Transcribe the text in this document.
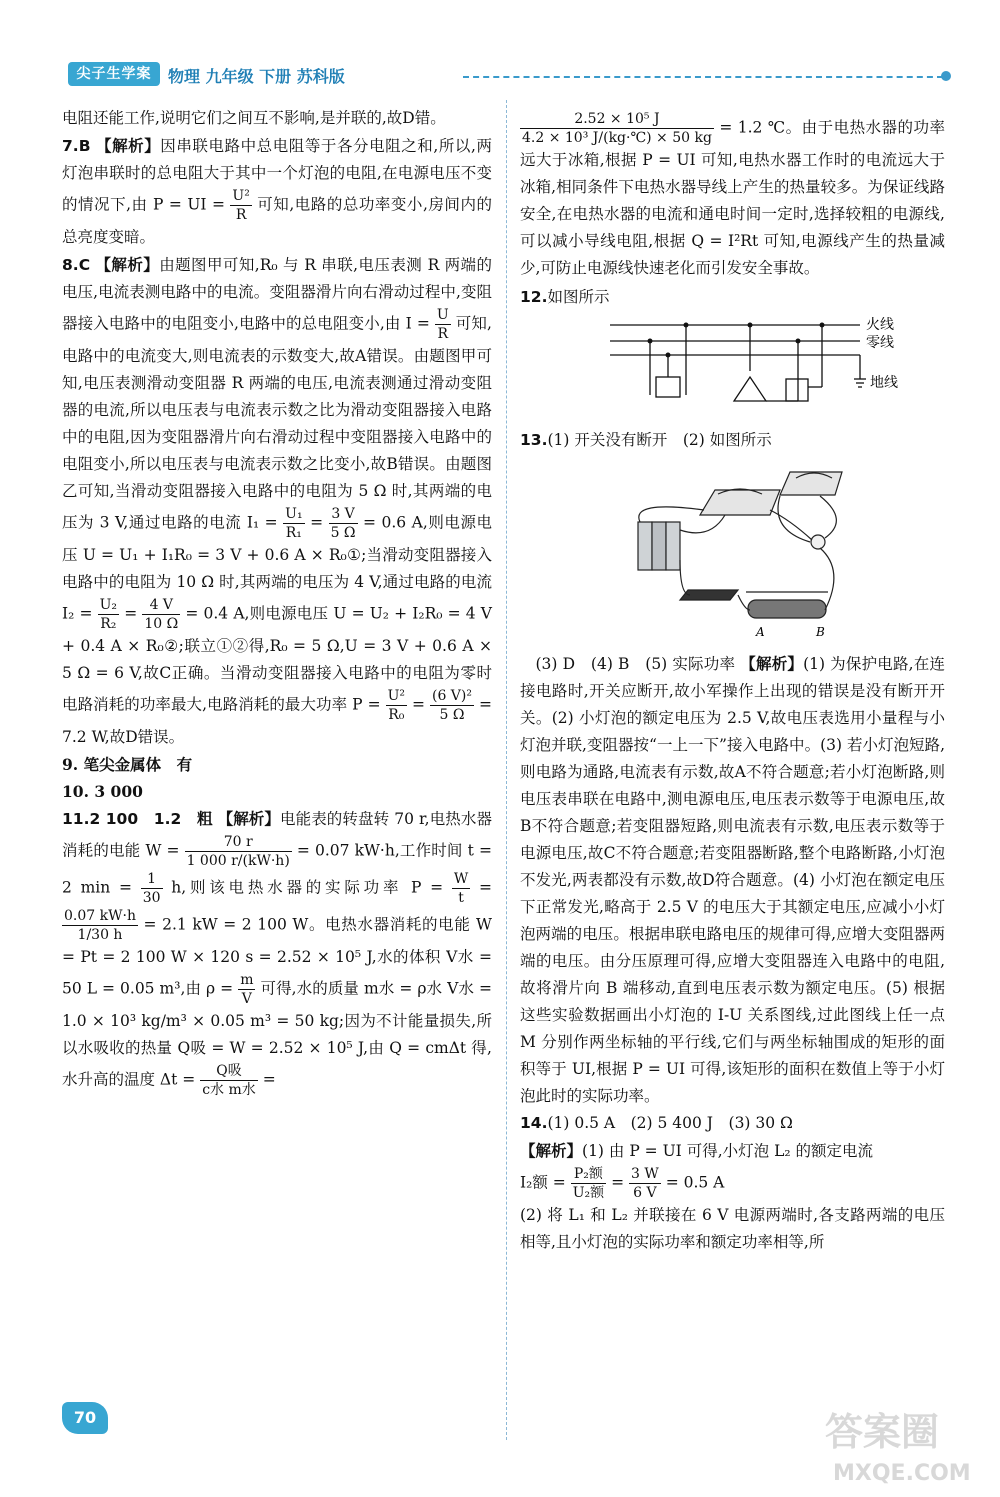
尖子生学案	物理 九年级 下册 苏科版

电阻还能工作,说明它们之间互不影响,是并联的,故D错。

7.B 【解析】因串联电路中总电阻等于各分电阻之和,所以,两灯泡串联时的总电阻大于其中一个灯泡的电阻,在电源电压不变的情况下,由 P = UI = $\frac{\text{U²}}{R}$ 可知,电路的总功率变小,房间内的总亮度变暗。

8.C 【解析】由题图甲可知,R₀ 与 R 串联,电压表测 R 两端的电压,电流表测电路中的电流。变阻器滑片向右滑动过程中,变阻器接入电路中的电阻变小,电路中的总电阻变小,由 $I = \frac{U}{R}$ 可知,电路中的电流变大,则电流表的示数变大,故A错误。由题图甲可知,电压表测滑动变阻器 R 两端的电压,电流表测通过滑动变阻器的电流,所以电压表与电流表示数之比为滑动变阻器接入电路中的电阻,因为变阻器滑片向右滑动过程中变阻器接入电路中的电阻变小,所以电压表与电流表示数之比变小,故B错误。由题图乙可知,当滑动变阻器接入电路中的电阻为 5 Ω 时,其两端的电压为 3 V,通过电路的电流 $I_1 = \frac{\text{U₁}}{\text{R₁}} = \frac{3 V}{5 \Omega} = 0.6$ A,则电源电压 U = U₁ + I₁R₀ = 3 V + 0.6 A × R₀①;当滑动变阻器接入电路中的电阻为 10 Ω 时,其两端的电压为 4 V,通过电路的电流 $I_2 = \frac{\text{U₂}}{\text{R₂}} = \frac{4 V}{10 \Omega} = 0.4$ A,则电源电压 U = U₂ + I₂R₀ = 4 V + 0.4 A × R₀②;联立①②得,R₀ = 5 Ω,U = 3 V + 0.6 A × 5 Ω = 6 V,故C正确。当滑动变阻器接入电路中的电阻为零时电路消耗的功率最大,电路消耗的最大功率 $P = \frac{\text{U²}}{\text{R₀}} = \frac{\text{(6 V)²}}{5 \Omega} = 7.2$ W,故D错误。

9. 笔尖金属体　有

10. 3 000

11.2 100　1.2　粗 【解析】电能表的转盘转 70 r,电热水器消耗的电能 $W = \frac{70 r}{1 000 r/(kW\cdot h)} = 0.07$ kW·h,工作时间 t = 2 $\min = \frac{1}{30} h$,则该电热水器的实际功率 $P = \frac{W}{t}$ =
$\frac{0.07 kW\cdot h}{1/30 h} = 2.1$ kW = 2 100 W。电热水器消耗的电能 W = Pt = 2 100 W × 120 s = 2.52 × 10⁵ J,水的体积 V水 = 50 L = 0.05 m³,由 $\rho = \frac{m}{V}$ 可得,水的质量 m水 = ρ水 V水 = 1.0 × 10³ kg/m³ × 0.05 m³ = 50 kg;因为不计能量损失,所以水吸收的热量 Q吸 = W = 2.52 × 10⁵ J,由 Q = cmΔt 得,水升高的温度 Δt =	Q吸
c水 m水
=

$\frac{\text{2.52 × 10⁵ J}}{\text{4.2 × 10³ J/(kg·℃) × 50 kg}} = 1.2$ ℃。由于电热水器的功率远大于冰箱,根据 P = UI 可知,电热水器工作时的电流远大于冰箱,相同条件下电热水器导线上产生的热量较多。为保证线路安全,在电热水器的电流和通电时间一定时,选择较粗的电源线,可以减小导线电阻,根据 Q = I²Rt 可知,电源线产生的热量减少,可防止电源线快速老化而引发安全事故。

12.如图所示

火线
零线
地线

13.(1) 开关没有断开　(2) 如图所示

A	B

(3) D　(4) B　(5) 实际功率 【解析】(1) 为保护电路,在连接电路时,开关应断开,故小军操作上出现的错误是没有断开开关。(2) 小灯泡的额定电压为 2.5 V,故电压表选用小量程与小灯泡并联,变阻器按“一上一下”接入电路中。(3) 若小灯泡短路,则电路为通路,电流表有示数,故A不符合题意;若小灯泡断路,则电压表串联在电路中,测电源电压,电压表示数等于电源电压,故B不符合题意;若变阻器短路,则电流表有示数,电压表示数等于电源电压,故C不符合题意;若变阻器断路,整个电路断路,小灯泡不发光,两表都没有示数,故D符合题意。(4) 小灯泡在额定电压下正常发光,略高于 2.5 V 的电压大于其额定电压,应减小小灯泡两端的电压。根据串联电路电压的规律可得,应增大变阻器两端的电压。由分压原理可得,应增大变阻器连入电路中的电阻,故将滑片向 B 端移动,直到电压表示数为额定电压。(5) 根据这些实验数据画出小灯泡的 I-U 关系图线,过此图线上任一点 M 分别作两坐标轴的平行线,它们与两坐标轴围成的矩形的面积等于 UI,根据 P = UI 可得,该矩形的面积在数值上等于小灯泡此时的实际功率。

14.(1) 0.5 A　(2) 5 400 J　(3) 30 Ω

【解析】(1) 由 P = UI 可得,小灯泡 L₂ 的额定电流

I₂额 = P₂额
U₂额
= $\frac{3 W}{6 V} = 0.5$ A

(2) 将 L₁ 和 L₂ 并联接在 6 V 电源两端时,各支路两端的电压相等,且小灯泡的实际功率和额定功率相等,所

70	答案圈
MXQE.COM
